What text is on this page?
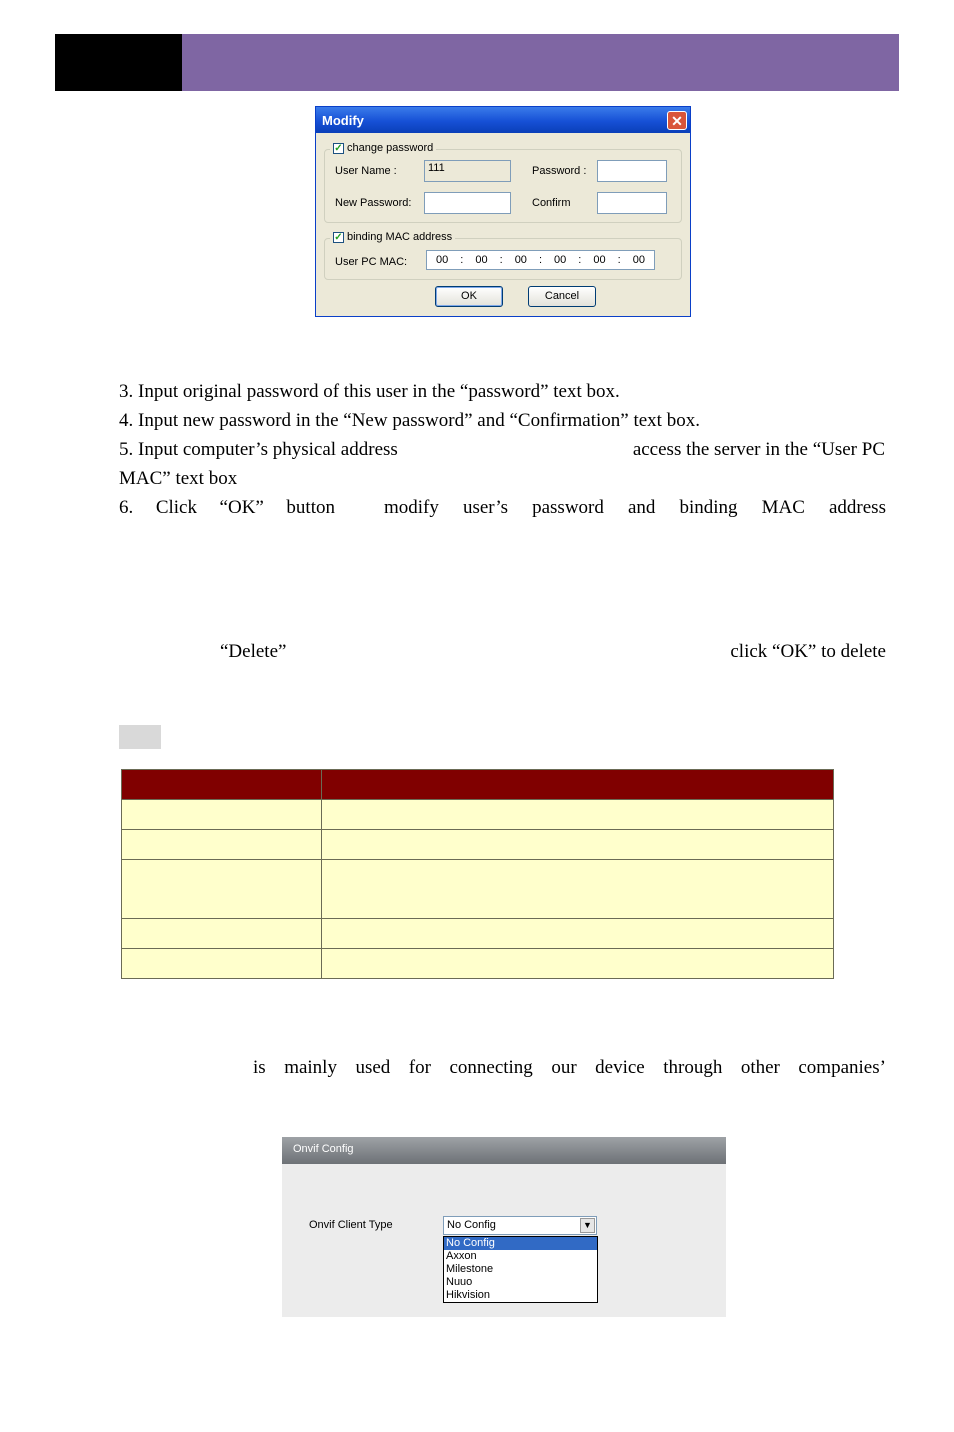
Modify	✕
✓ change password
User Name :	111	Password :
New Password:	Confirm
✓ binding MAC address
User PC MAC:	00 : 00 : 00 : 00 : 00 : 00
OK	Cancel
3. Input original password of this user in the “password” text box.
4. Input new password in the “New password” and “Confirmation” text box.
5. Input computer’s physical address	access the server in the “User PC
MAC” text box
6. Click “OK” button	modify user’s password and binding MAC address
“Delete”	click “OK” to delete

is mainly used for connecting our device through other companies’
Onvif Config
Onvif Client Type	No Config	▼
No Config
Axxon
Milestone
Nuuo
Hikvision
